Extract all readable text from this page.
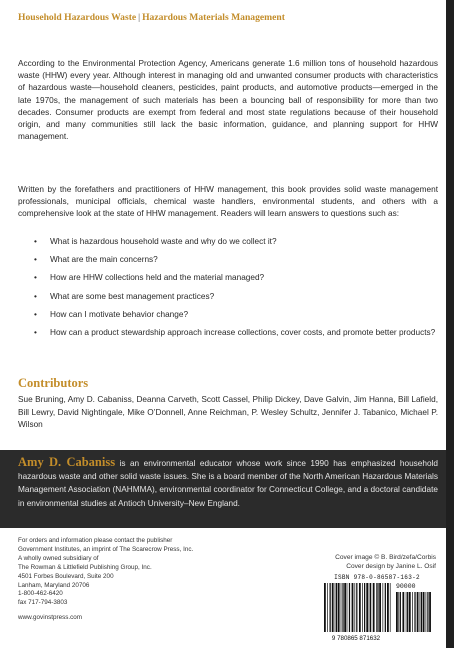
Household Hazardous Waste | Hazardous Materials Management

According to the Environmental Protection Agency, Americans generate 1.6 million tons of household hazardous waste (HHW) every year. Although interest in managing old and unwanted consumer products with characteristics of hazardous waste—household cleaners, pesticides, paint products, and automotive products—emerged in the late 1970s, the management of such materials has been a bouncing ball of responsibility for more than two decades. Consumer products are exempt from federal and most state regulations because of their household origin, and many communities still lack the basic information, guidance, and planning support for HHW management.

Written by the forefathers and practitioners of HHW management, this book provides solid waste management professionals, municipal officials, chemical waste handlers, environmental students, and others with a comprehensive look at the state of HHW management. Readers will learn answers to questions such as:

• What is hazardous household waste and why do we collect it?
• What are the main concerns?
• How are HHW collections held and the material managed?
• What are some best management practices?
• How can I motivate behavior change?
• How can a product stewardship approach increase collections, cover costs, and promote better products?
Contributors

Sue Bruning, Amy D. Cabaniss, Deanna Carveth, Scott Cassel, Philip Dickey, Dave Galvin, Jim Hanna, Bill Lafield, Bill Lewry, David Nightingale, Mike O’Donnell, Anne Reichman, P. Wesley Schultz, Jennifer J. Tabanico, Michael P. Wilson

Amy D. Cabaniss is an environmental educator whose work since 1990 has emphasized household hazardous waste and other solid waste issues. She is a board member of the North American Hazardous Materials Management Association (NAHMMA), environmental coordinator for Connecticut College, and a doctoral candidate in environmental studies at Antioch University–New England.

For orders and information please contact the publisher
Government Institutes, an imprint of The Scarecrow Press, Inc.
A wholly owned subsidiary of
The Rowman & Littlefield Publishing Group, Inc.
4501 Forbes Boulevard, Suite 200
Lanham, Maryland 20706
1-800-462-6420
fax 717-794-3803
www.govinstpress.com
Cover image © B. Bird/zefa/Corbis
Cover design by Janine L. Osif
ISBN 978-0-86587-163-2
9 780865 871632
90000
